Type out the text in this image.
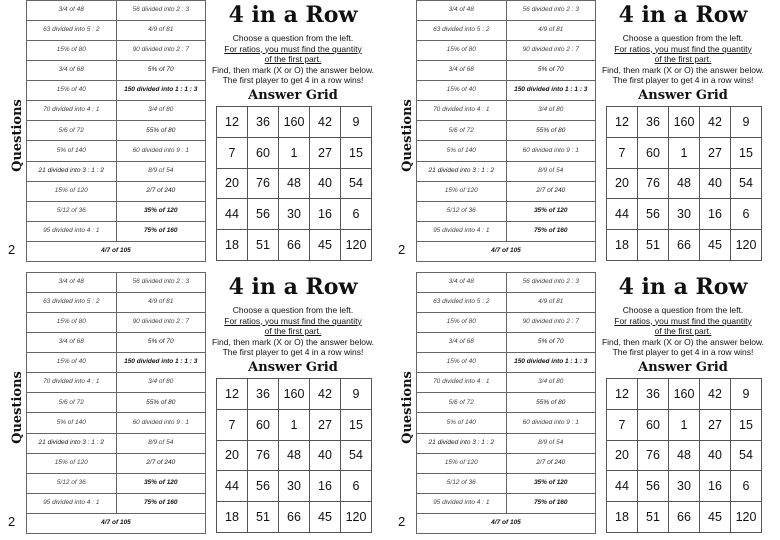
Questions
2
3/4 of 48	56 divided into 2 : 3
63 divided into 5 : 2	4/9 of 81
15% of 80	90 divided into 2 : 7
3/4 of 68	5% of 70
15% of 40	150 divided into 1 : 1 : 3
70 divided into 4 : 1	3/4 of 80
5/6 of 72	55% of 80
5% of 140	60 divided into 9 : 1
21 divided into 3 : 1 : 2	8/9 of 54
15% of 120	2/7 of 240
5/12 of 36	35% of 120
95 divided into 4 : 1	75% of 160
4/7 of 105	
4 in a Row
Choose a question from the left.
For ratios, you must find the quantity
of the first part.
Find, then mark (X or O) the answer below.
The first player to get 4 in a row wins!
Answer Grid
12	36	160	42	9
7	60	1	27	15
20	76	48	40	54
44	56	30	16	6
18	51	66	45	120
Questions
2
3/4 of 48	56 divided into 2 : 3
63 divided into 5 : 2	4/9 of 81
15% of 80	90 divided into 2 : 7
3/4 of 68	5% of 70
15% of 40	150 divided into 1 : 1 : 3
70 divided into 4 : 1	3/4 of 80
5/6 of 72	55% of 80
5% of 140	60 divided into 9 : 1
21 divided into 3 : 1 : 2	8/9 of 54
15% of 120	2/7 of 240
5/12 of 36	35% of 120
95 divided into 4 : 1	75% of 160
4/7 of 105	
4 in a Row
Choose a question from the left.
For ratios, you must find the quantity
of the first part.
Find, then mark (X or O) the answer below.
The first player to get 4 in a row wins!
Answer Grid
12	36	160	42	9
7	60	1	27	15
20	76	48	40	54
44	56	30	16	6
18	51	66	45	120
Questions
2
3/4 of 48	56 divided into 2 : 3
63 divided into 5 : 2	4/9 of 81
15% of 80	90 divided into 2 : 7
3/4 of 68	5% of 70
15% of 40	150 divided into 1 : 1 : 3
70 divided into 4 : 1	3/4 of 80
5/6 of 72	55% of 80
5% of 140	60 divided into 9 : 1
21 divided into 3 : 1 : 2	8/9 of 54
15% of 120	2/7 of 240
5/12 of 36	35% of 120
95 divided into 4 : 1	75% of 160
4/7 of 105	
4 in a Row
Choose a question from the left.
For ratios, you must find the quantity
of the first part.
Find, then mark (X or O) the answer below.
The first player to get 4 in a row wins!
Answer Grid
12	36	160	42	9
7	60	1	27	15
20	76	48	40	54
44	56	30	16	6
18	51	66	45	120
Questions
2
3/4 of 48	56 divided into 2 : 3
63 divided into 5 : 2	4/9 of 81
15% of 80	90 divided into 2 : 7
3/4 of 68	5% of 70
15% of 40	150 divided into 1 : 1 : 3
70 divided into 4 : 1	3/4 of 80
5/6 of 72	55% of 80
5% of 140	60 divided into 9 : 1
21 divided into 3 : 1 : 2	8/9 of 54
15% of 120	2/7 of 240
5/12 of 36	35% of 120
95 divided into 4 : 1	75% of 160
4/7 of 105	
4 in a Row
Choose a question from the left.
For ratios, you must find the quantity
of the first part.
Find, then mark (X or O) the answer below.
The first player to get 4 in a row wins!
Answer Grid
12	36	160	42	9
7	60	1	27	15
20	76	48	40	54
44	56	30	16	6
18	51	66	45	120
